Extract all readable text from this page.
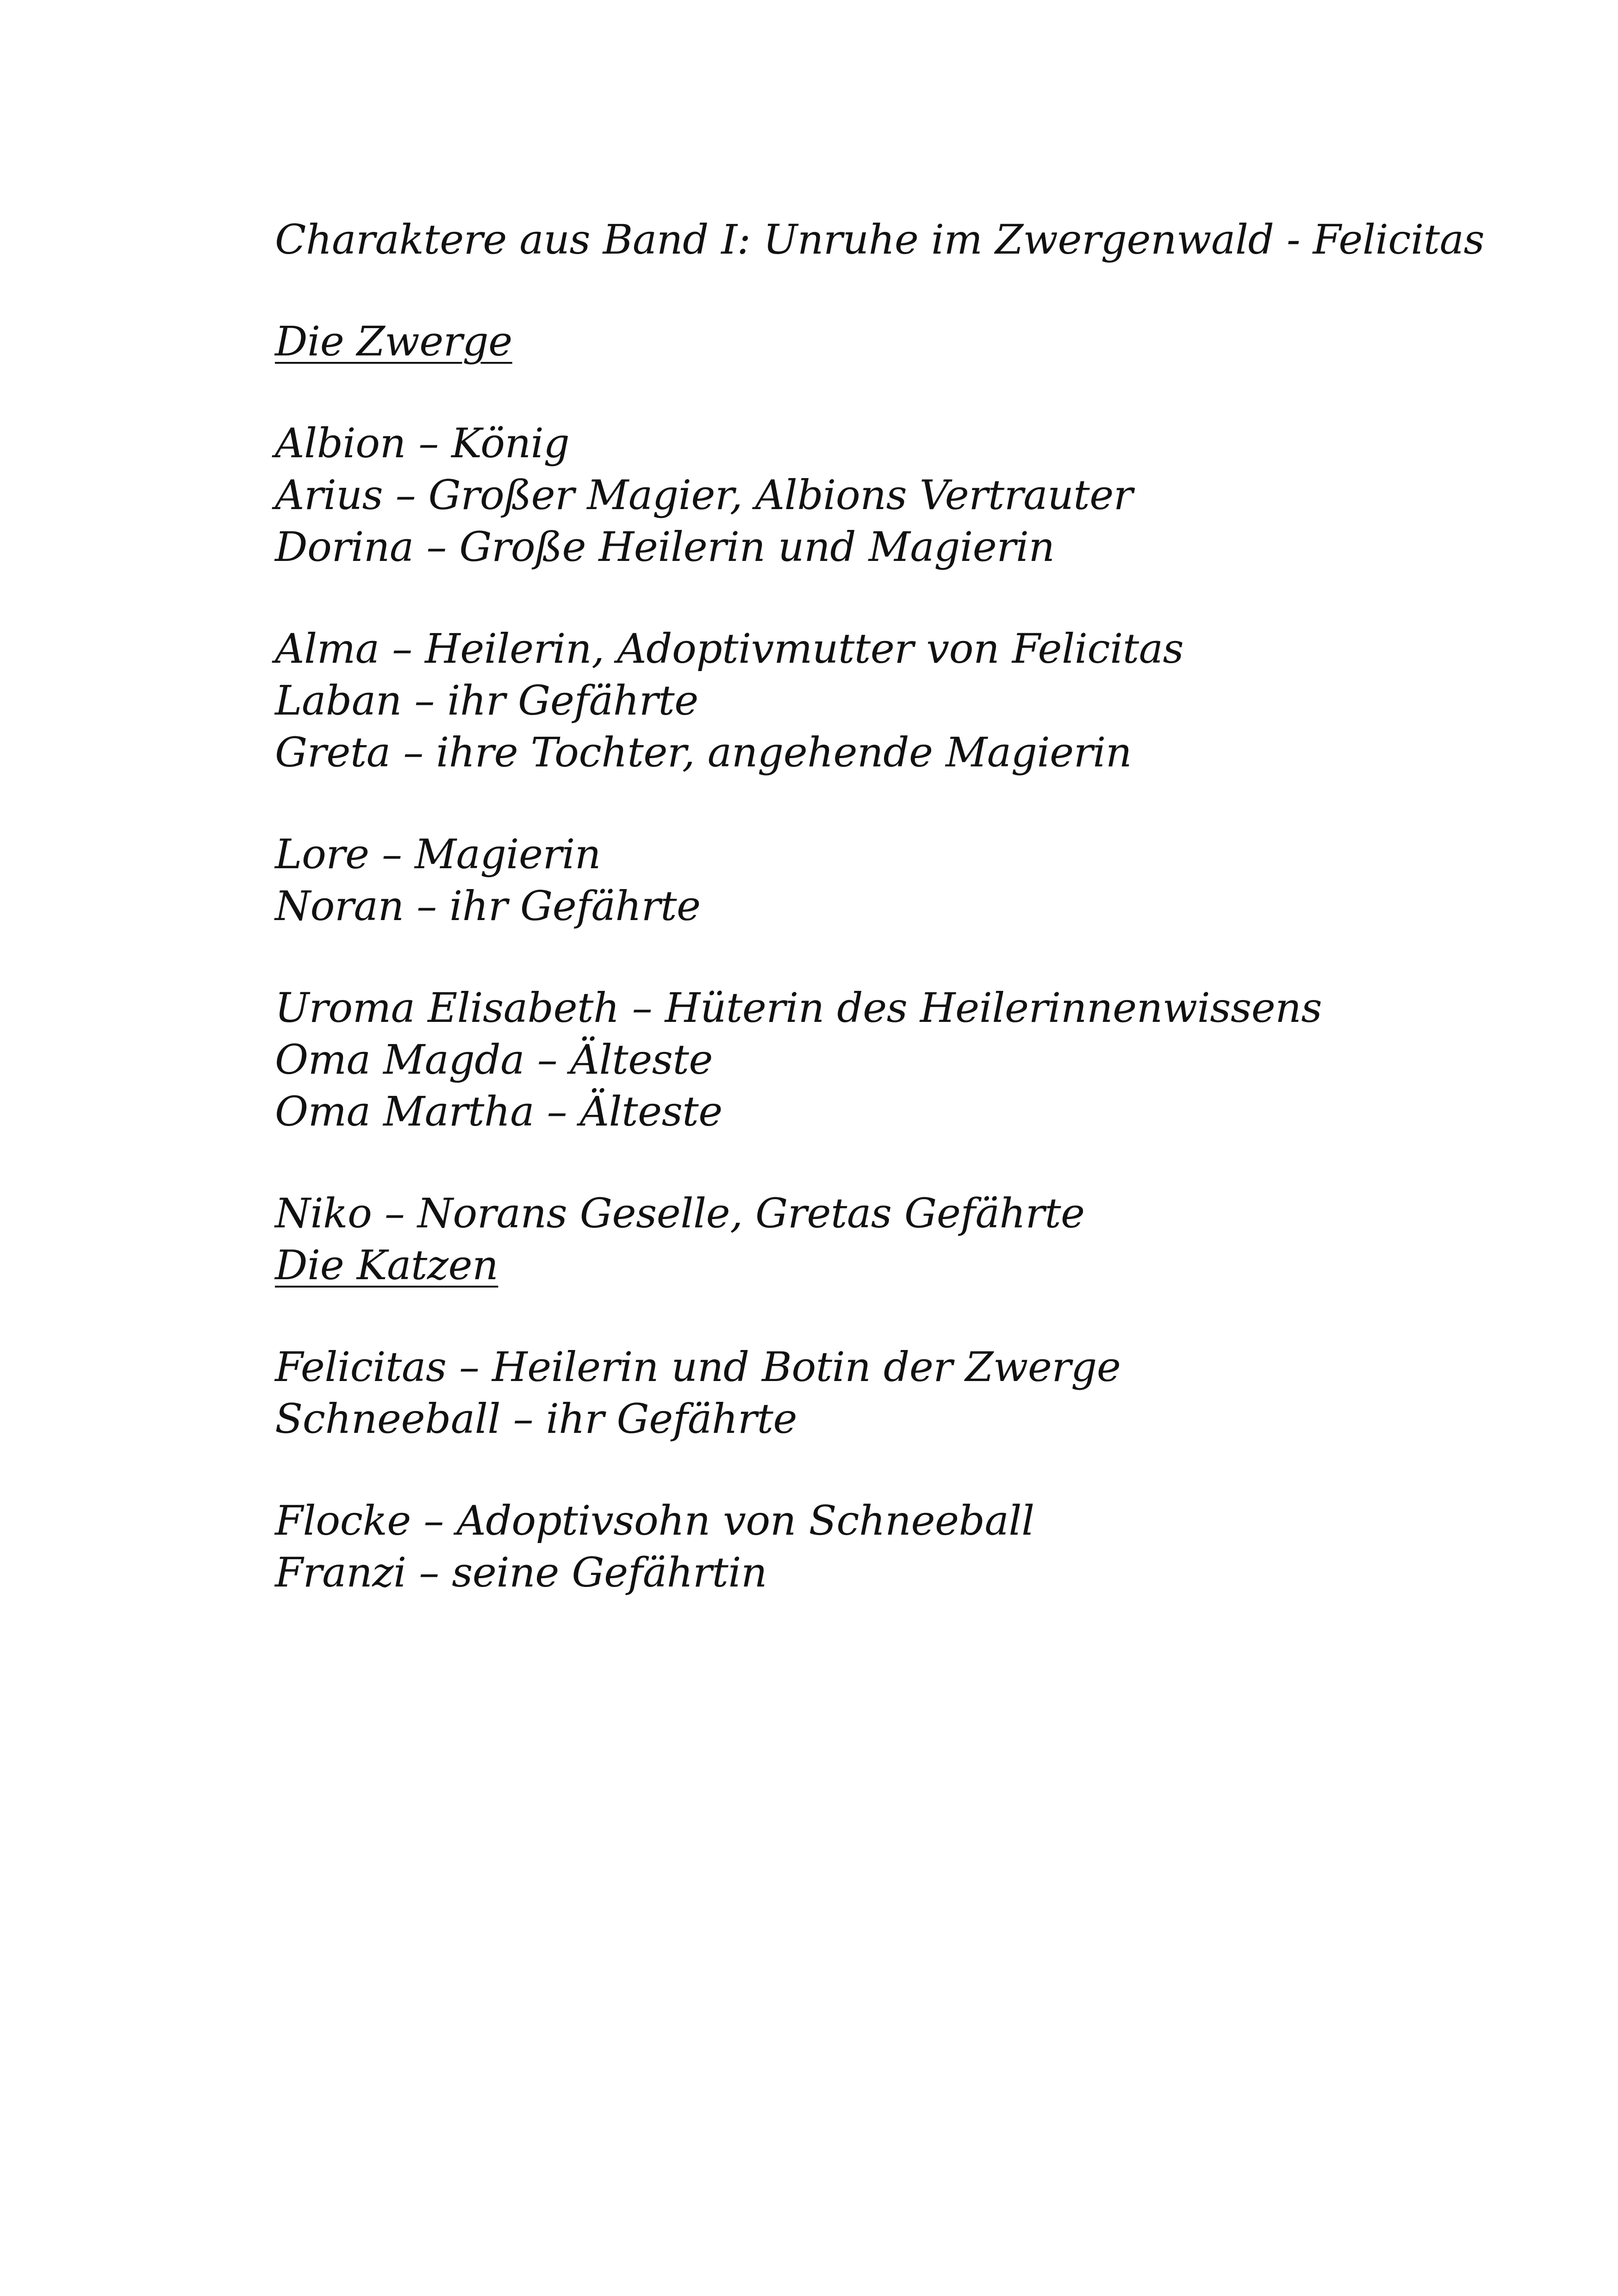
Charaktere aus Band I: Unruhe im Zwergenwald - Felicitas
Die Zwerge
Albion – König
Arius – Großer Magier, Albions Vertrauter
Dorina – Große Heilerin und Magierin
Alma – Heilerin, Adoptivmutter von Felicitas
Laban – ihr Gefährte
Greta – ihre Tochter, angehende Magierin
Lore – Magierin
Noran – ihr Gefährte
Uroma Elisabeth – Hüterin des Heilerinnenwissens
Oma Magda – Älteste
Oma Martha – Älteste
Niko – Norans Geselle, Gretas Gefährte
Die Katzen
Felicitas – Heilerin und Botin der Zwerge
Schneeball – ihr Gefährte
Flocke – Adoptivsohn von Schneeball
Franzi – seine Gefährtin
